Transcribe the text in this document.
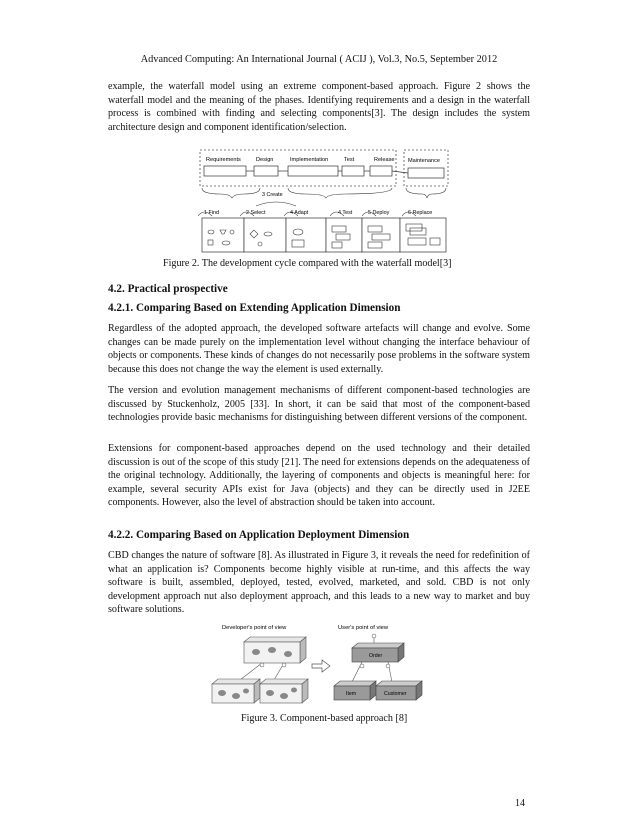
Advanced Computing: An International Journal ( ACIJ ), Vol.3, No.5, September 2012

example, the waterfall model using an extreme component-based approach. Figure 2 shows the waterfall model and the meaning of the phases. Identifying requirements and a design in the waterfall process is combined with finding and selecting components[3]. The design includes the system architecture design and component identification/selection.

Requirements	Design	Implementation	Test	Release Maintenance
3 Create
1 Find	2 Select	4 Adapt	4 Test	5 Deploy	6 Replace

Figure 2. The development cycle compared with the waterfall model[3]

4.2. Practical prospective

4.2.1. Comparing Based on Extending Application Dimension

Regardless of the adopted approach, the developed software artefacts will change and evolve. Some changes can be made purely on the implementation level without changing the interface behaviour of objects or components. These kinds of changes do not necessarily pose problems in the software system because this does not change the way the element is used externally.

The version and evolution management mechanisms of different component-based technologies are discussed by Stuckenholz, 2005 [33]. In short, it can be said that most of the component-based technologies provide basic mechanisms for distinguishing between different versions of the component.

Extensions for component-based approaches depend on the used technology and their detailed discussion is out of the scope of this study [21]. The need for extensions depends on the adequateness of the original technology. Additionally, the layering of components and objects is meaningful here: for example, several security APIs exist for Java (objects) and they can be directly used in J2EE components. However, also the level of abstraction should be taken into account.

4.2.2. Comparing Based on Application Deployment Dimension

CBD changes the nature of software [8]. As illustrated in Figure 3, it reveals the need for redefinition of what an application is? Components become highly visible at run-time, and this affects the way software is built, assembled, deployed, tested, evolved, marketed, and sold. CBD is not only development approach nut also deployment approach, and this leads to a new way to market and buy software solutions.

Developer's point of view	User's point of view
Order
Item	Customer

Figure 3. Component-based approach [8]

14
